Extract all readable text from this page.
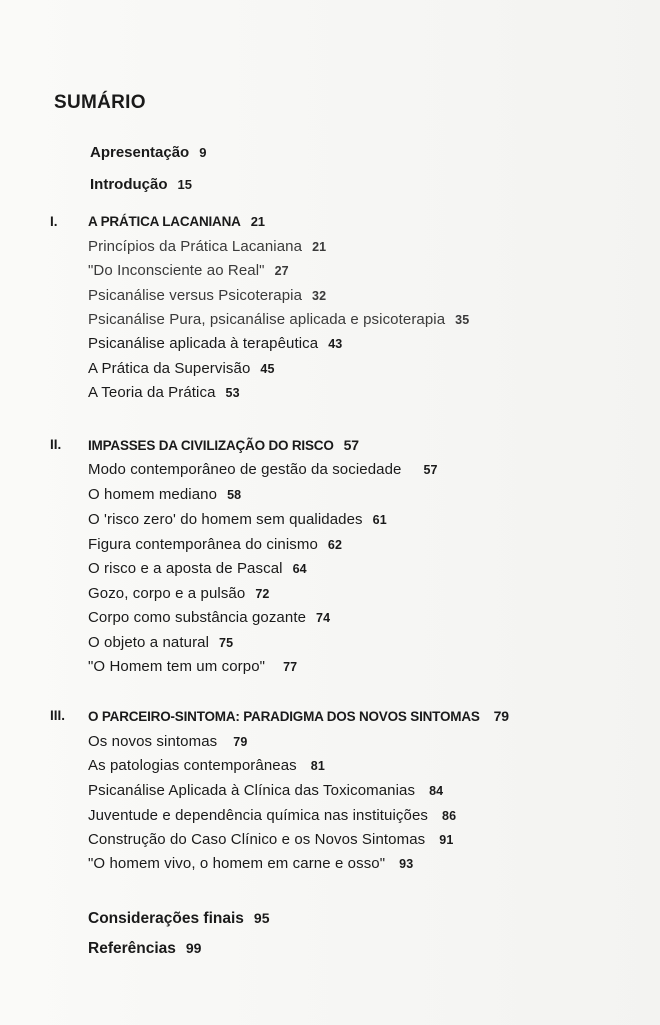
SUMÁRIO
Apresentação 9
Introdução 15
I. A PRÁTICA LACANIANA 21
Princípios da Prática Lacaniana 21
"Do Inconsciente ao Real" 27
Psicanálise versus Psicoterapia 32
Psicanálise Pura, psicanálise aplicada e psicoterapia 35
Psicanálise aplicada à terapêutica 43
A Prática da Supervisão 45
A Teoria da Prática 53
II. IMPASSES DA CIVILIZAÇÃO DO RISCO 57
Modo contemporâneo de gestão da sociedade 57
O homem mediano 58
O 'risco zero' do homem sem qualidades 61
Figura contemporânea do cinismo 62
O risco e a aposta de Pascal 64
Gozo, corpo e a pulsão 72
Corpo como substância gozante 74
O objeto a natural 75
"O Homem tem um corpo" 77
III. O PARCEIRO-SINTOMA: PARADIGMA DOS NOVOS SINTOMAS 79
Os novos sintomas 79
As patologias contemporâneas 81
Psicanálise Aplicada à Clínica das Toxicomanias 84
Juventude e dependência química nas instituições 86
Construção do Caso Clínico e os Novos Sintomas 91
"O homem vivo, o homem em carne e osso" 93
Considerações finais 95
Referências 99
